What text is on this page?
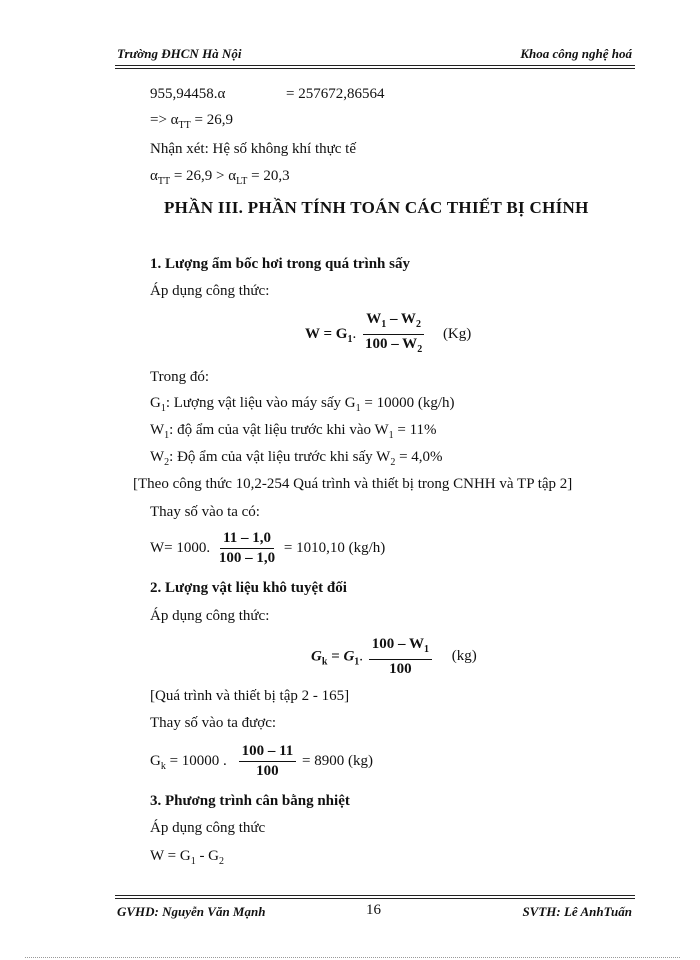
Trường ĐHCN Hà Nội	Khoa công nghệ hoá
955,94458.α	= 257672,86564
=> $\alpha_{TT} = 26,9$
Nhận xét: Hệ số không khí thực tế
$\alpha_{TT} = 26,9 > \alpha_{LT} = 20,3$
PHẦN III. PHẦN TÍNH TOÁN CÁC THIẾT BỊ CHÍNH
1. Lượng ẩm bốc hơi trong quá trình sấy
Áp dụng công thức:
$W = G_1$. $\frac{W_1 - W_2}{100 - W_2} (Kg)$
Trong đó:
$G_1$: Lượng vật liệu vào máy sấy $G_1 = 10000$ (kg/h)
$W_1$: độ ẩm của vật liệu trước khi vào $W_1 = 11\%$
$W_2$: Độ ẩm của vật liệu trước khi sấy $W_2 = 4,0\%$
[Theo công thức 10,2-254 Quá trình và thiết bị trong CNHH và TP tập 2]
Thay số vào ta có:
W= 1000. $\frac{11 - 1,0}{100 - 1,0} = 1010,10$ (kg/h)
2. Lượng vật liệu khô tuyệt đối
Áp dụng công thức:
$G_k = G_1$. $\frac{100 - W_1}{100} (kg)$
[Quá trình và thiết bị tập 2 - 165]
Thay số vào ta được:
$G_k = 10000$ . $\frac{100 - 11}{100} = 8900$ (kg)
3. Phương trình cân bằng nhiệt
Áp dụng công thức
$W = G_1 - G_2$
GVHD: Nguyễn Văn Mạnh	16	SVTH: Lê AnhTuấn
